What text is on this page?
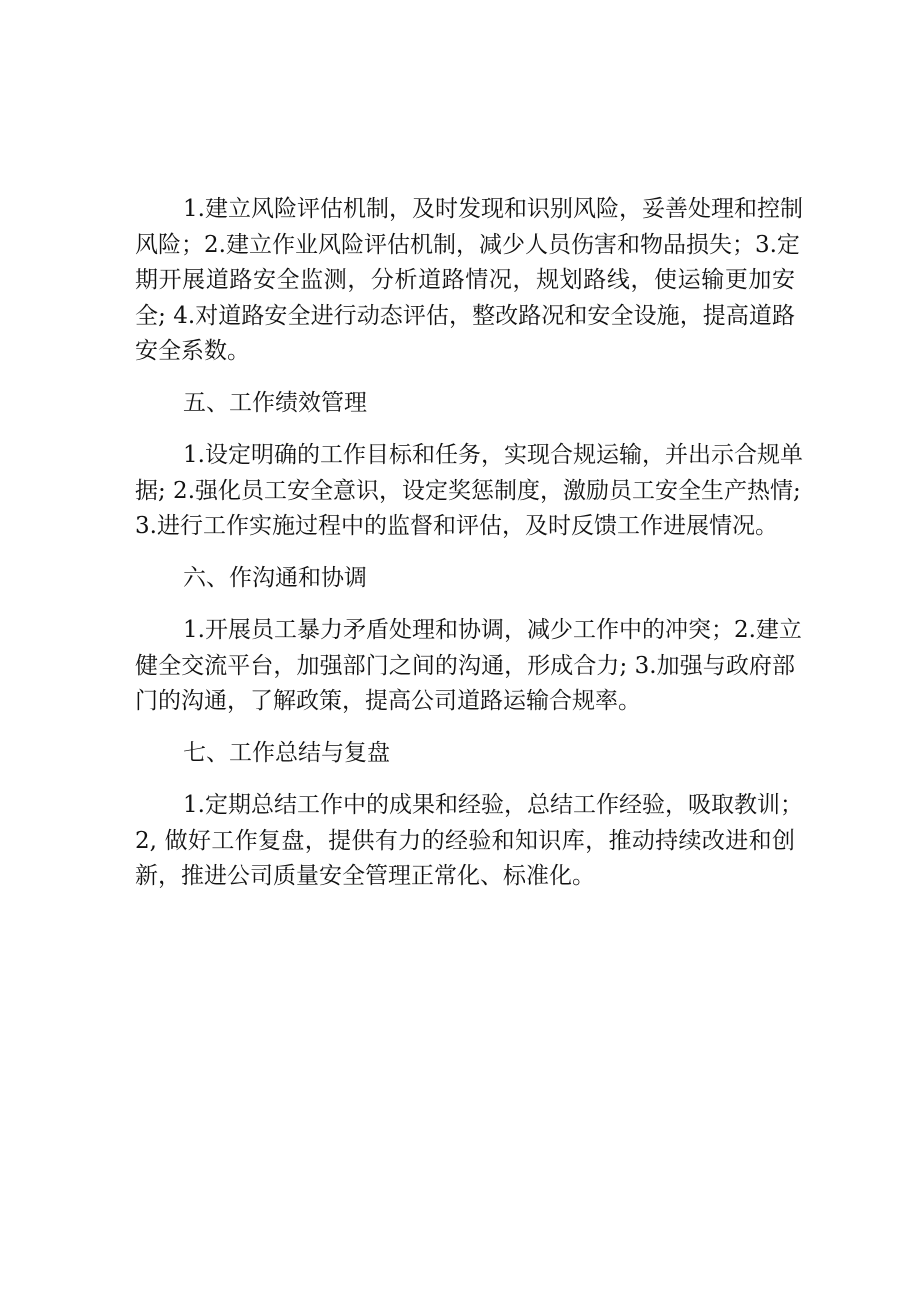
1.建立风险评估机制，及时发现和识别风险，妥善处理和控制
风险；2.建立作业风险评估机制，减少人员伤害和物品损失；3.定
期开展道路安全监测，分析道路情况，规划路线，使运输更加安
全; 4.对道路安全进行动态评估，整改路况和安全设施，提高道路
安全系数。
五、工作绩效管理
1.设定明确的工作目标和任务，实现合规运输，并出示合规单
据; 2.强化员工安全意识，设定奖惩制度，激励员工安全生产热情;
3.进行工作实施过程中的监督和评估，及时反馈工作进展情况。
六、作沟通和协调
1.开展员工暴力矛盾处理和协调，减少工作中的冲突；2.建立
健全交流平台，加强部门之间的沟通，形成合力; 3.加强与政府部
门的沟通，了解政策，提高公司道路运输合规率。
七、工作总结与复盘
1.定期总结工作中的成果和经验，总结工作经验，吸取教训；
2, 做好工作复盘，提供有力的经验和知识库，推动持续改进和创
新，推进公司质量安全管理正常化、标准化。
